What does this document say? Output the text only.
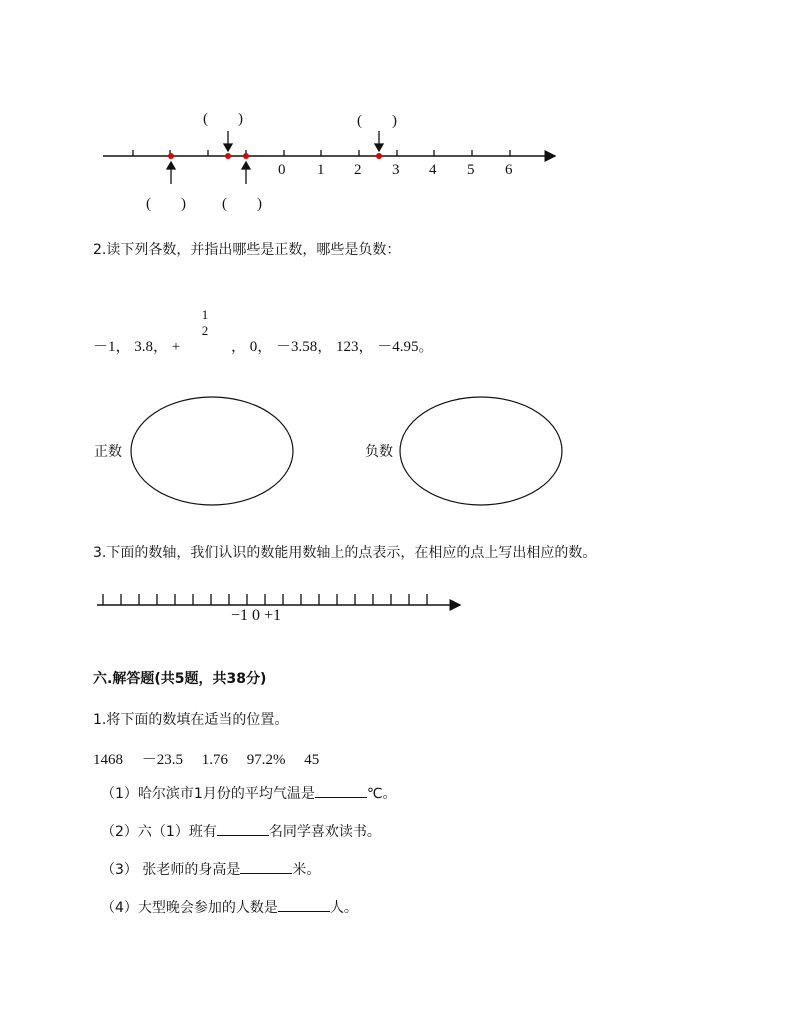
0 1 2 3 4 5 6
(　　)	(　　)
(　　) (　　)
2.读下列各数，并指出哪些是正数，哪些是负数：
－1， 3.8， +
1
2
， 0， －3.58， 123， －4.95。
正数	负数
3.下面的数轴，我们认识的数能用数轴上的点表示，在相应的点上写出相应的数。
−1 0 +1
六.解答题(共5题，共38分)
1.将下面的数填在适当的位置。
1468     －23.5     1.76     97.2%     45
（1）哈尔滨市1月份的平均气温是	℃。
（2）六（1）班有	名同学喜欢读书。
（3） 张老师的身高是	米。
（4）大型晚会参加的人数是	人。
